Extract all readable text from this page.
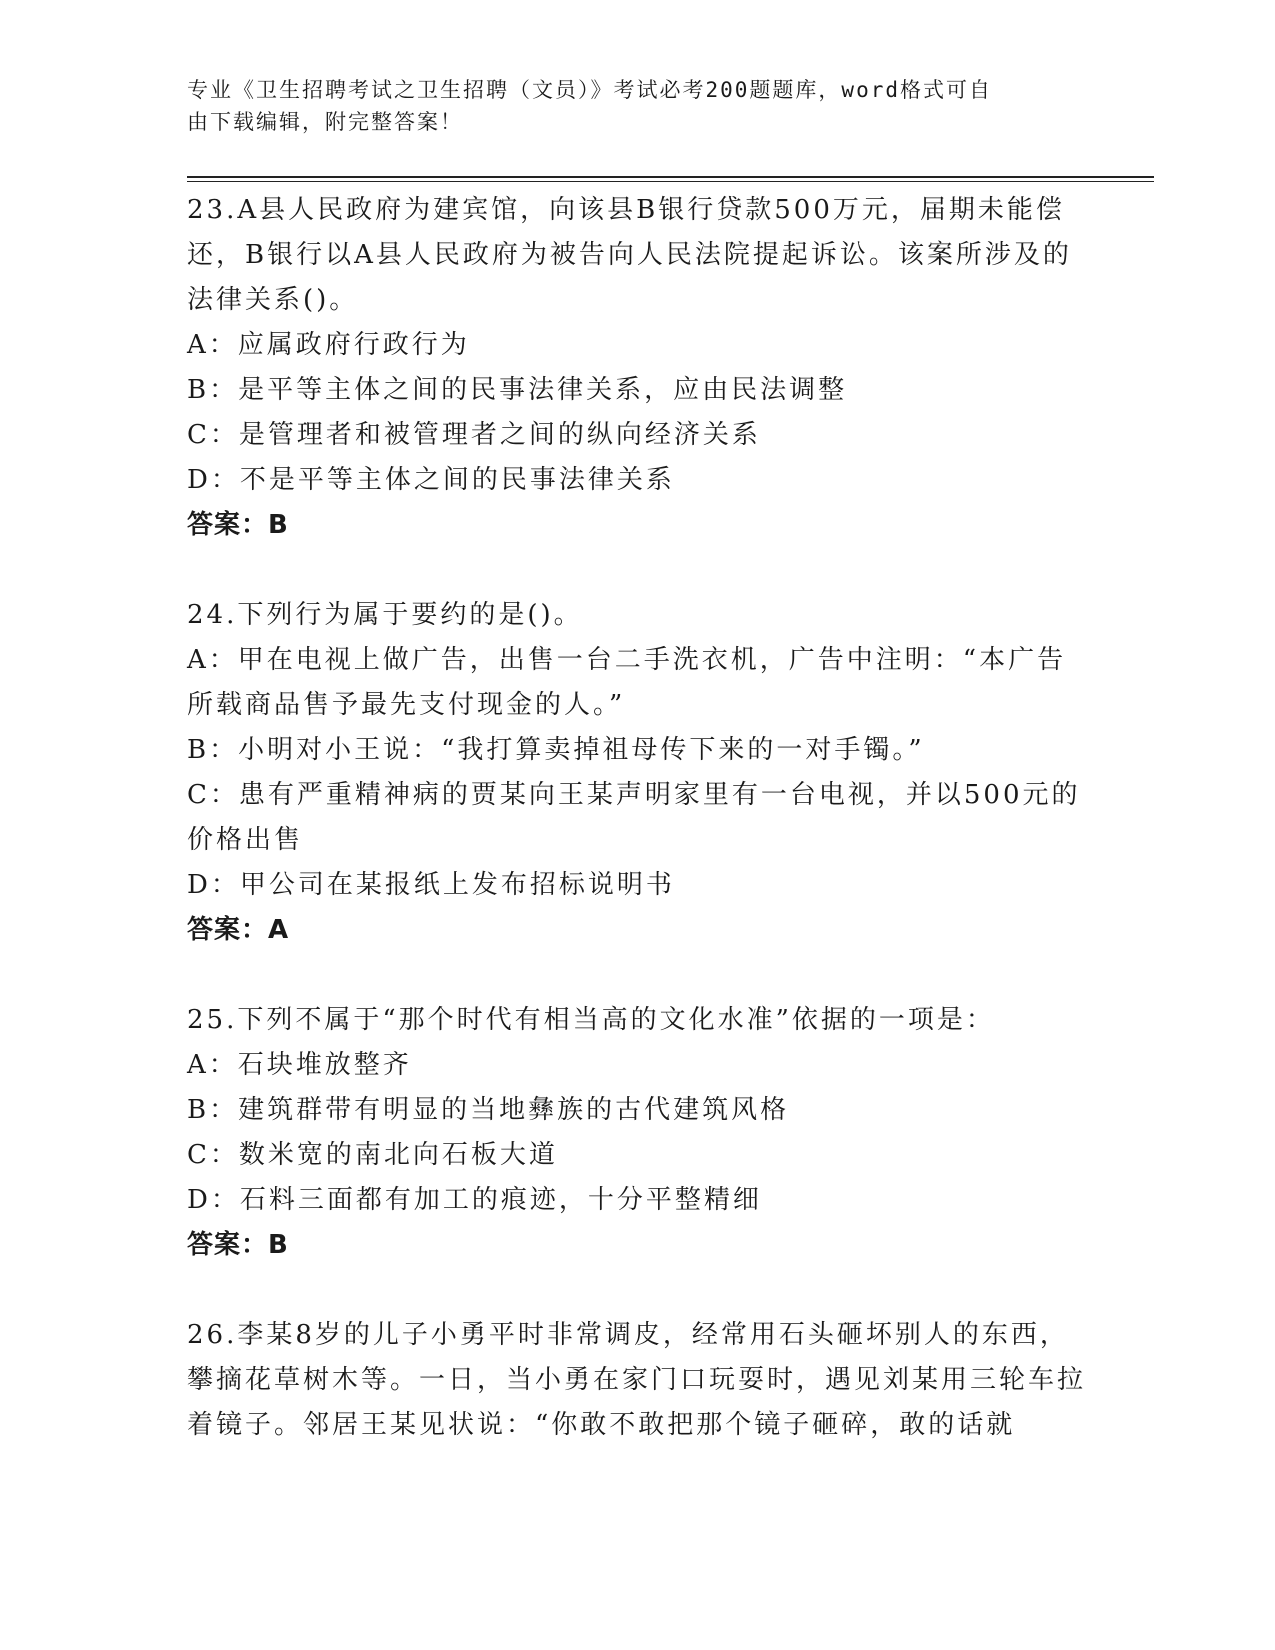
专业《卫生招聘考试之卫生招聘（文员）》考试必考200题题库，word格式可自
由下载编辑，附完整答案！

23.A县人民政府为建宾馆，向该县B银行贷款500万元，届期未能偿还，B银行以A县人民政府为被告向人民法院提起诉讼。该案所涉及的法律关系()。

A：应属政府行政行为

B：是平等主体之间的民事法律关系，应由民法调整

C：是管理者和被管理者之间的纵向经济关系

D：不是平等主体之间的民事法律关系

答案：B

24.下列行为属于要约的是()。

A：甲在电视上做广告，出售一台二手洗衣机，广告中注明：“本广告所载商品售予最先支付现金的人。”

B：小明对小王说：“我打算卖掉祖母传下来的一对手镯。”

C：患有严重精神病的贾某向王某声明家里有一台电视，并以500元的价格出售

D：甲公司在某报纸上发布招标说明书

答案：A

25.下列不属于“那个时代有相当高的文化水准”依据的一项是：

A：石块堆放整齐

B：建筑群带有明显的当地彝族的古代建筑风格

C：数米宽的南北向石板大道

D：石料三面都有加工的痕迹，十分平整精细

答案：B

26.李某8岁的儿子小勇平时非常调皮，经常用石头砸坏别人的东西，攀摘花草树木等。一日，当小勇在家门口玩耍时，遇见刘某用三轮车拉着镜子。邻居王某见状说：“你敢不敢把那个镜子砸碎，敢的话就
